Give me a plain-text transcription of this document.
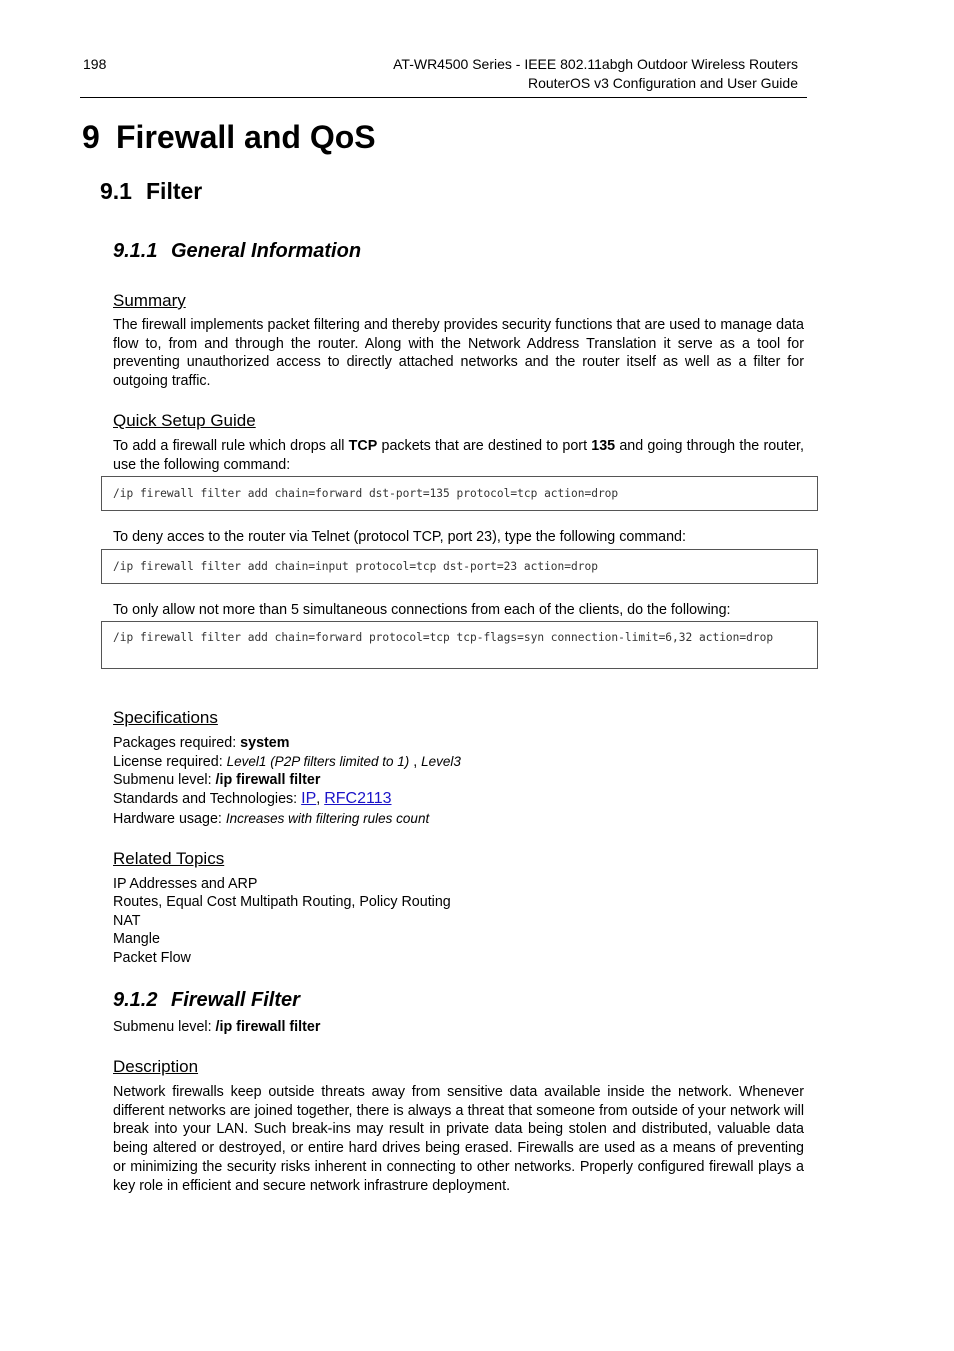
198	AT-WR4500 Series - IEEE 802.11abgh Outdoor Wireless Routers
RouterOS v3 Configuration and User Guide
9 Firewall and QoS
9.1 Filter
9.1.1 General Information
Summary
The firewall implements packet filtering and thereby provides security functions that are used to manage data flow to, from and through the router. Along with the Network Address Translation it serve as a tool for preventing unauthorized access to directly attached networks and the router itself as well as a filter for outgoing traffic.
Quick Setup Guide
To add a firewall rule which drops all TCP packets that are destined to port 135 and going through the router, use the following command:
/ip firewall filter add chain=forward dst-port=135 protocol=tcp action=drop
To deny acces to the router via Telnet (protocol TCP, port 23), type the following command:
/ip firewall filter add chain=input protocol=tcp dst-port=23 action=drop
To only allow not more than 5 simultaneous connections from each of the clients, do the following:
/ip firewall filter add chain=forward protocol=tcp tcp-flags=syn connection-limit=6,32 action=drop
Specifications
Packages required: system
License required: Level1 (P2P filters limited to 1) , Level3
Submenu level: /ip firewall filter
Standards and Technologies: IP, RFC2113
Hardware usage: Increases with filtering rules count
Related Topics
IP Addresses and ARP
Routes, Equal Cost Multipath Routing, Policy Routing
NAT
Mangle
Packet Flow
9.1.2 Firewall Filter
Submenu level: /ip firewall filter
Description
Network firewalls keep outside threats away from sensitive data available inside the network. Whenever different networks are joined together, there is always a threat that someone from outside of your network will break into your LAN. Such break-ins may result in private data being stolen and distributed, valuable data being altered or destroyed, or entire hard drives being erased. Firewalls are used as a means of preventing or minimizing the security risks inherent in connecting to other networks. Properly configured firewall plays a key role in efficient and secure network infrastrure deployment.
